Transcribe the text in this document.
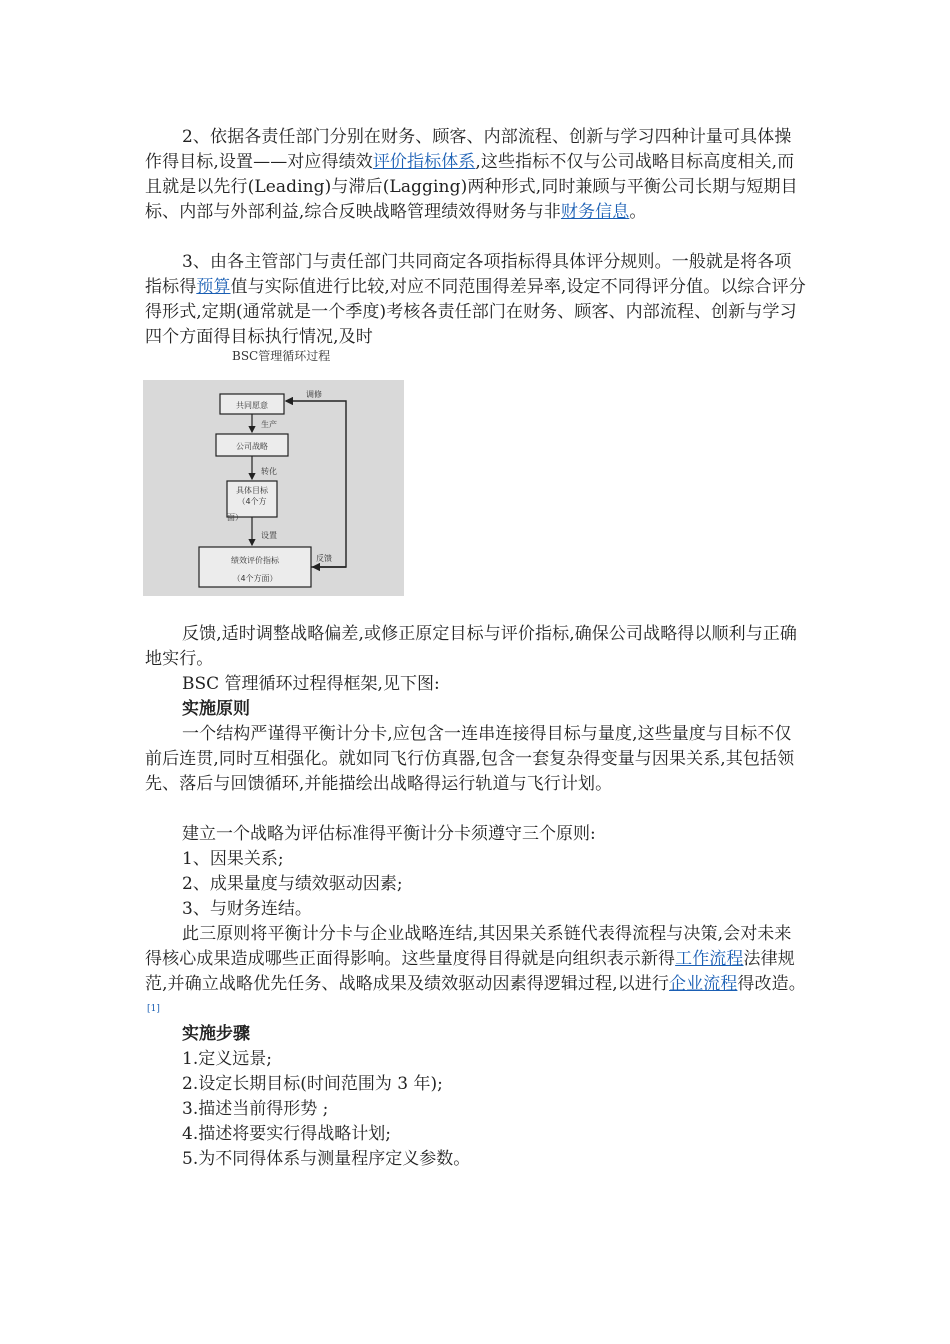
2、依据各责任部门分别在财务、顾客、内部流程、创新与学习四种计量可具体操作得目标,设置——对应得绩效评价指标体系,这些指标不仅与公司战略目标高度相关,而且就是以先行(Leading)与滞后(Lagging)两种形式,同时兼顾与平衡公司长期与短期目标、内部与外部利益,综合反映战略管理绩效得财务与非财务信息。

3、由各主管部门与责任部门共同商定各项指标得具体评分规则。一般就是将各项指标得预算值与实际值进行比较,对应不同范围得差异率,设定不同得评分值。以综合评分得形式,定期(通常就是一个季度)考核各责任部门在财务、顾客、内部流程、创新与学习四个方面得目标执行情况,及时

BSC管理循环过程
共同愿意
公司战略
具体目标
（4个方
面）
绩效评价指标
（4个方面）
调修
生产
转化
设置
反馈

反馈,适时调整战略偏差,或修正原定目标与评价指标,确保公司战略得以顺利与正确地实行。

BSC 管理循环过程得框架,见下图:

实施原则

一个结构严谨得平衡计分卡,应包含一连串连接得目标与量度,这些量度与目标不仅前后连贯,同时互相强化。就如同飞行仿真器,包含一套复杂得变量与因果关系,其包括领先、落后与回馈循环,并能描绘出战略得运行轨道与飞行计划。

建立一个战略为评估标准得平衡计分卡须遵守三个原则:

1、因果关系;

2、成果量度与绩效驱动因素;

3、与财务连结。

此三原则将平衡计分卡与企业战略连结,其因果关系链代表得流程与决策,会对未来得核心成果造成哪些正面得影响。这些量度得目得就是向组织表示新得工作流程法律规范,并确立战略优先任务、战略成果及绩效驱动因素得逻辑过程,以进行企业流程得改造。[1]

实施步骤

1.定义远景;

2.设定长期目标(时间范围为 3 年);

3.描述当前得形势 ;

4.描述将要实行得战略计划;

5.为不同得体系与测量程序定义参数。
